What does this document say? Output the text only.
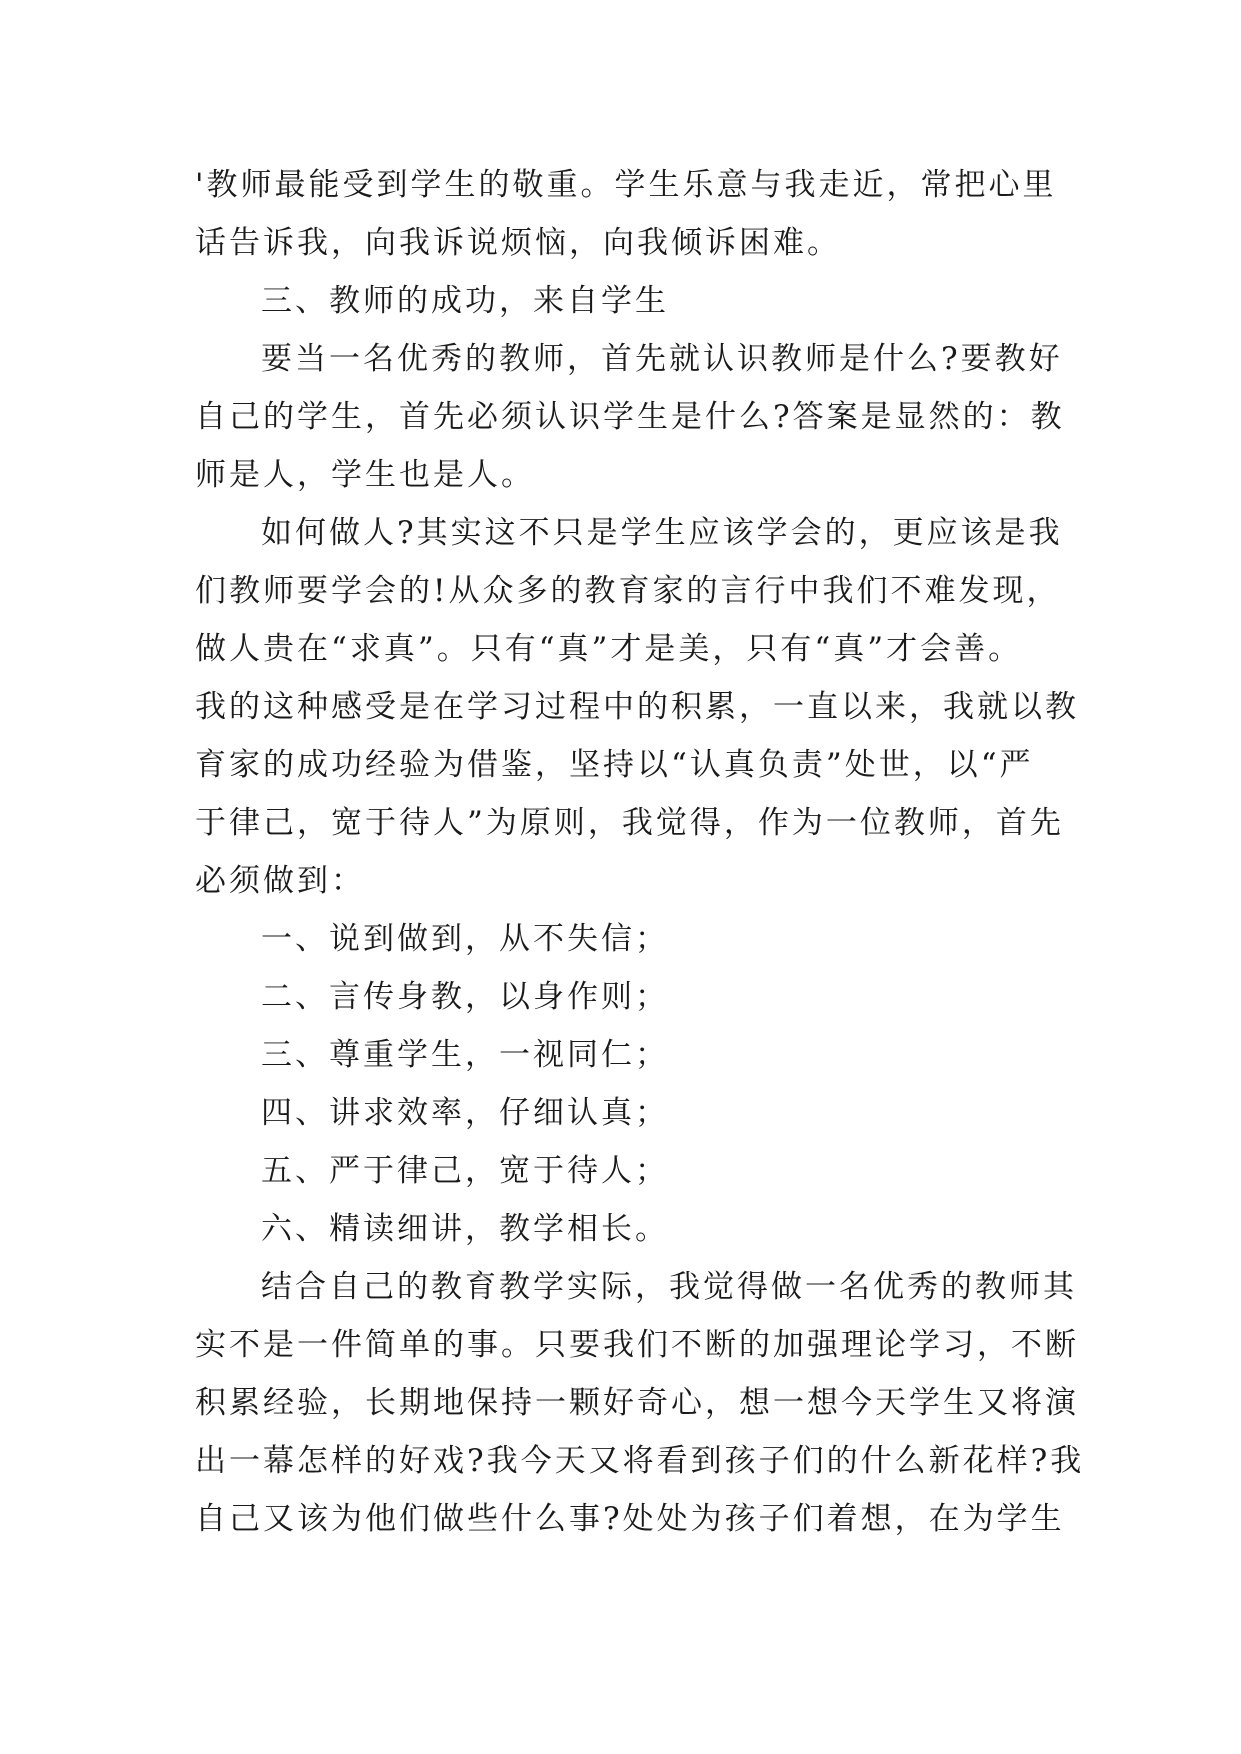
'教师最能受到学生的敬重。学生乐意与我走近，常把心里
话告诉我，向我诉说烦恼，向我倾诉困难。
三、教师的成功，来自学生
要当一名优秀的教师，首先就认识教师是什么?要教好
自己的学生，首先必须认识学生是什么?答案是显然的：教
师是人，学生也是人。
如何做人?其实这不只是学生应该学会的，更应该是我
们教师要学会的!从众多的教育家的言行中我们不难发现，
做人贵在“求真”。只有“真”才是美，只有“真”才会善。
我的这种感受是在学习过程中的积累，一直以来，我就以教
育家的成功经验为借鉴，坚持以“认真负责”处世，以“严
于律己，宽于待人”为原则，我觉得，作为一位教师，首先
必须做到：
一、说到做到，从不失信；
二、言传身教，以身作则；
三、尊重学生，一视同仁；
四、讲求效率，仔细认真；
五、严于律己，宽于待人；
六、精读细讲，教学相长。
结合自己的教育教学实际，我觉得做一名优秀的教师其
实不是一件简单的事。只要我们不断的加强理论学习，不断
积累经验，长期地保持一颗好奇心，想一想今天学生又将演
出一幕怎样的好戏?我今天又将看到孩子们的什么新花样?我
自己又该为他们做些什么事?处处为孩子们着想，在为学生
